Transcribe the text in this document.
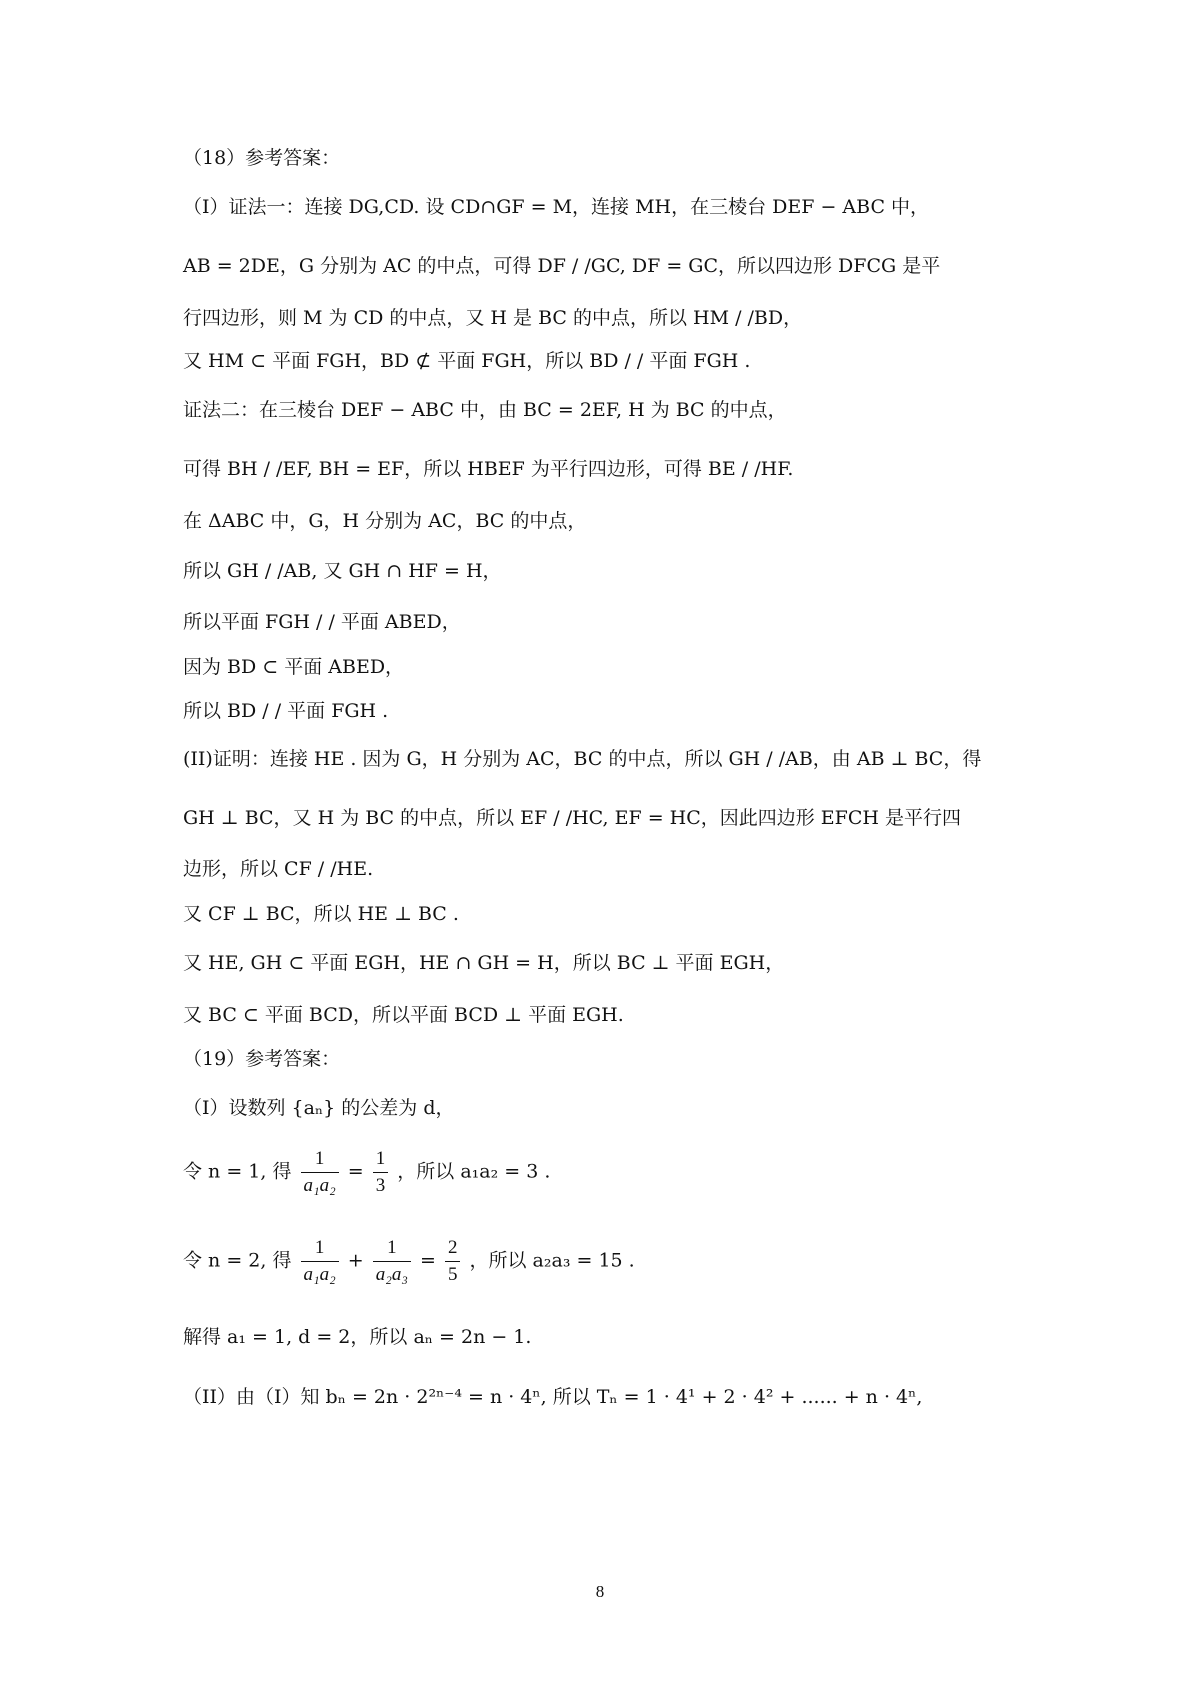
（18）参考答案：
（I）证法一：连接 DG,CD. 设 CD∩GF = M，连接 MH，在三棱台 DEF − ABC 中，
AB = 2DE，G 分别为 AC 的中点，可得 DF / /GC, DF = GC，所以四边形 DFCG 是平
行四边形，则 M 为 CD 的中点，又 H 是 BC 的中点，所以 HM / /BD，
又 HM ⊂ 平面 FGH，BD ⊄ 平面 FGH，所以 BD / / 平面 FGH .
证法二：在三棱台 DEF − ABC 中，由 BC = 2EF, H 为 BC 的中点，
可得 BH / /EF, BH = EF，所以 HBEF 为平行四边形，可得 BE / /HF.
在 ΔABC 中，G，H 分别为 AC，BC 的中点，
所以 GH / /AB, 又 GH ∩ HF = H，
所以平面 FGH / / 平面 ABED，
因为 BD ⊂ 平面 ABED，
所以 BD / / 平面 FGH .
(II)证明：连接 HE . 因为 G，H 分别为 AC，BC 的中点，所以 GH / /AB，由 AB ⊥ BC，得
GH ⊥ BC，又 H 为 BC 的中点，所以 EF / /HC, EF = HC，因此四边形 EFCH 是平行四
边形，所以 CF / /HE.
又 CF ⊥ BC，所以 HE ⊥ BC .
又 HE, GH ⊂ 平面 EGH，HE ∩ GH = H，所以 BC ⊥ 平面 EGH，
又 BC ⊂ 平面 BCD，所以平面 BCD ⊥ 平面 EGH.
（19）参考答案：
（I）设数列 {aₙ} 的公差为 d，
令 n = 1, 得 $\frac{1}{\text{a₁a₂}} = \frac{1}{3}$ ，所以 a₁a₂ = 3 .
令 n = 2, 得 $\frac{1}{\text{a₁a₂}} + \frac{1}{\text{a₂a₃}} = \frac{2}{5}$ ，所以 a₂a₃ = 15 .
解得 a₁ = 1, d = 2，所以 aₙ = 2n − 1.
（II）由（I）知 bₙ = 2n · 2²ⁿ⁻⁴ = n · 4ⁿ, 所以 Tₙ = 1 · 4¹ + 2 · 4² + ...... + n · 4ⁿ,
8
